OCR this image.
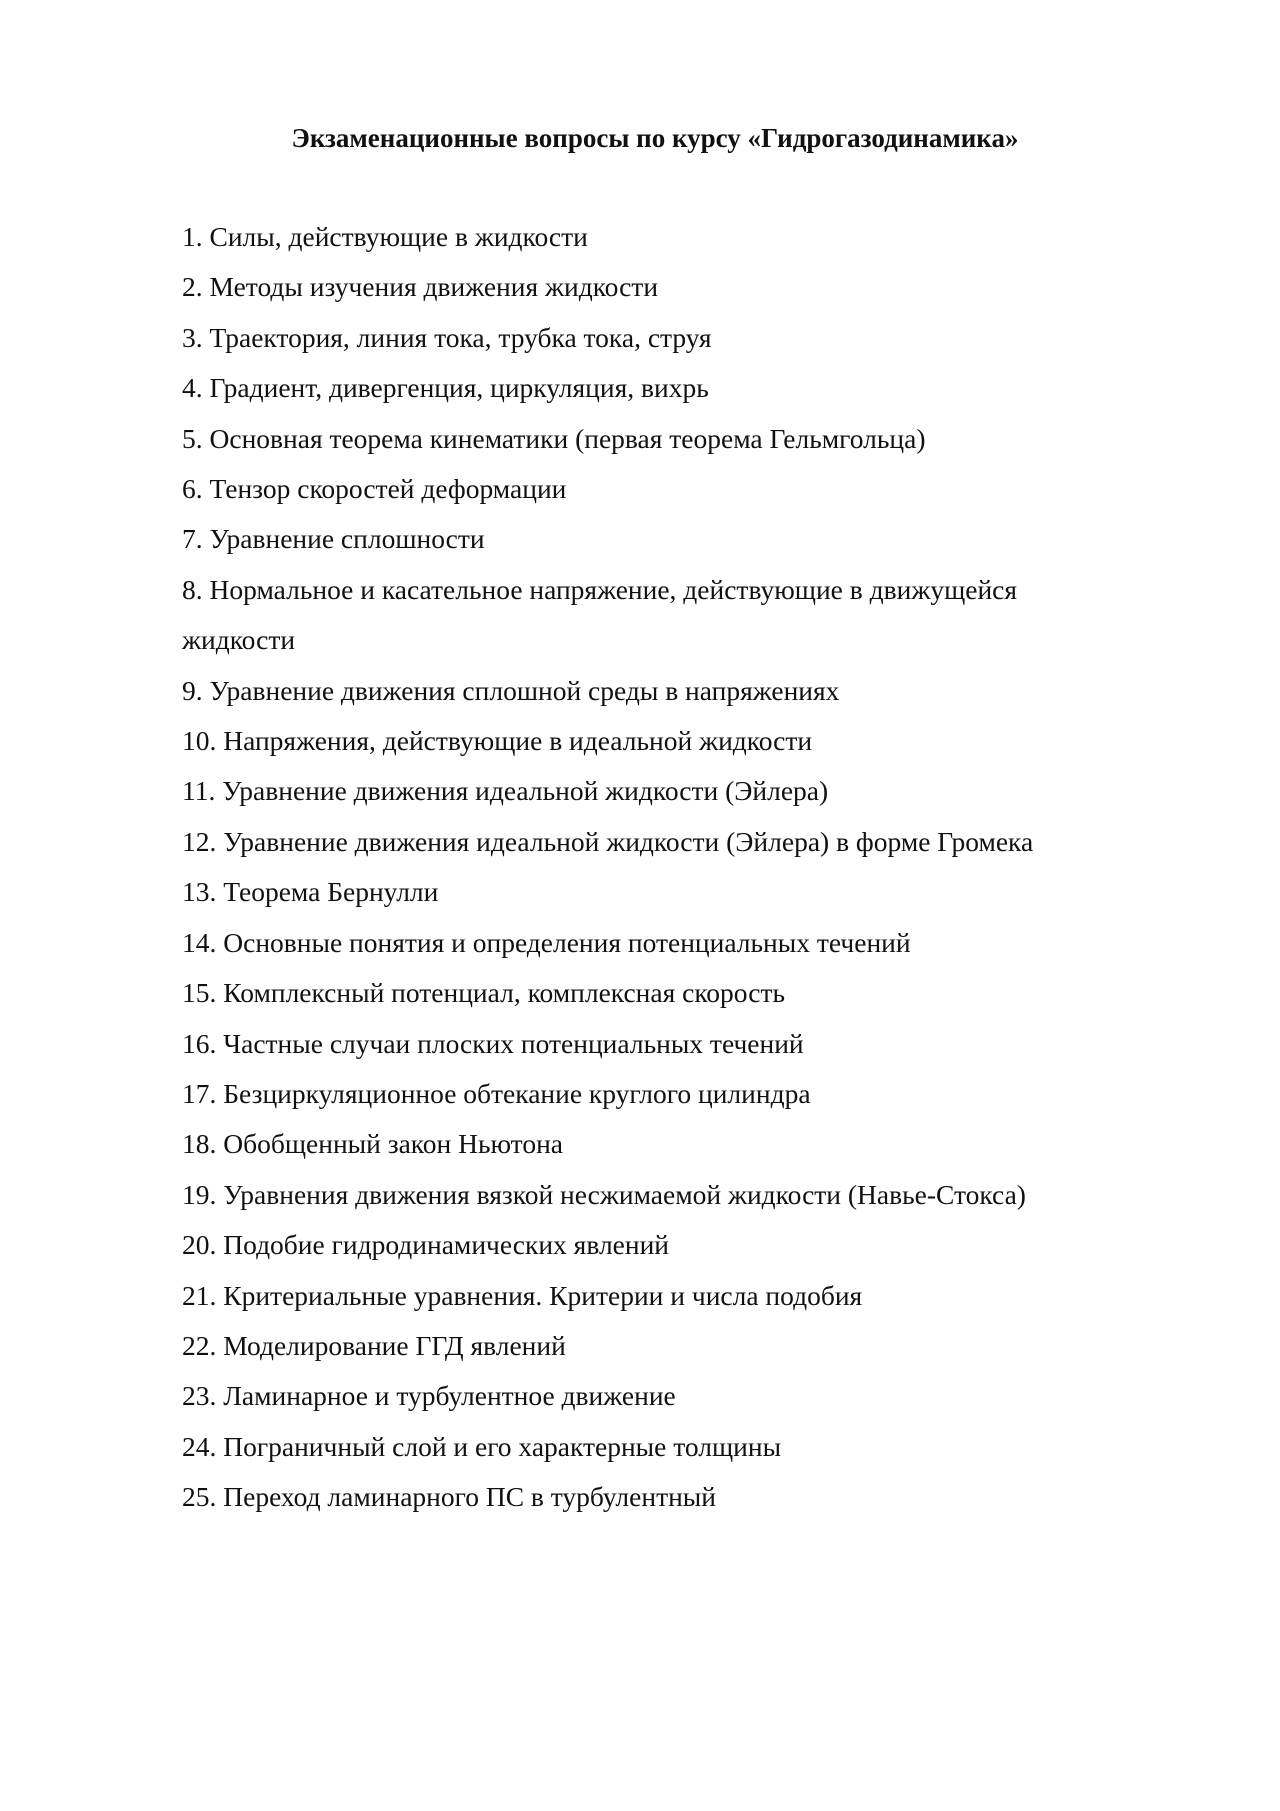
Экзаменационные вопросы по курсу «Гидрогазодинамика»
1. Силы, действующие в жидкости
2. Методы изучения движения жидкости
3. Траектория, линия тока, трубка тока, струя
4. Градиент, дивергенция, циркуляция, вихрь
5. Основная теорема кинематики (первая теорема Гельмгольца)
6. Тензор скоростей деформации
7. Уравнение сплошности
8. Нормальное и касательное напряжение, действующие в движущейся жидкости
9. Уравнение движения сплошной среды в напряжениях
10. Напряжения, действующие в идеальной жидкости
11. Уравнение движения идеальной жидкости (Эйлера)
12. Уравнение движения идеальной жидкости (Эйлера) в форме Громека
13. Теорема Бернулли
14. Основные понятия и определения потенциальных течений
15. Комплексный потенциал, комплексная скорость
16. Частные случаи плоских потенциальных течений
17. Безциркуляционное обтекание круглого цилиндра
18. Обобщенный закон Ньютона
19. Уравнения движения вязкой несжимаемой жидкости (Навье-Стокса)
20. Подобие гидродинамических явлений
21. Критериальные уравнения. Критерии и числа подобия
22. Моделирование ГГД явлений
23. Ламинарное и турбулентное движение
24. Пограничный слой и его характерные толщины
25. Переход ламинарного ПС в турбулентный
